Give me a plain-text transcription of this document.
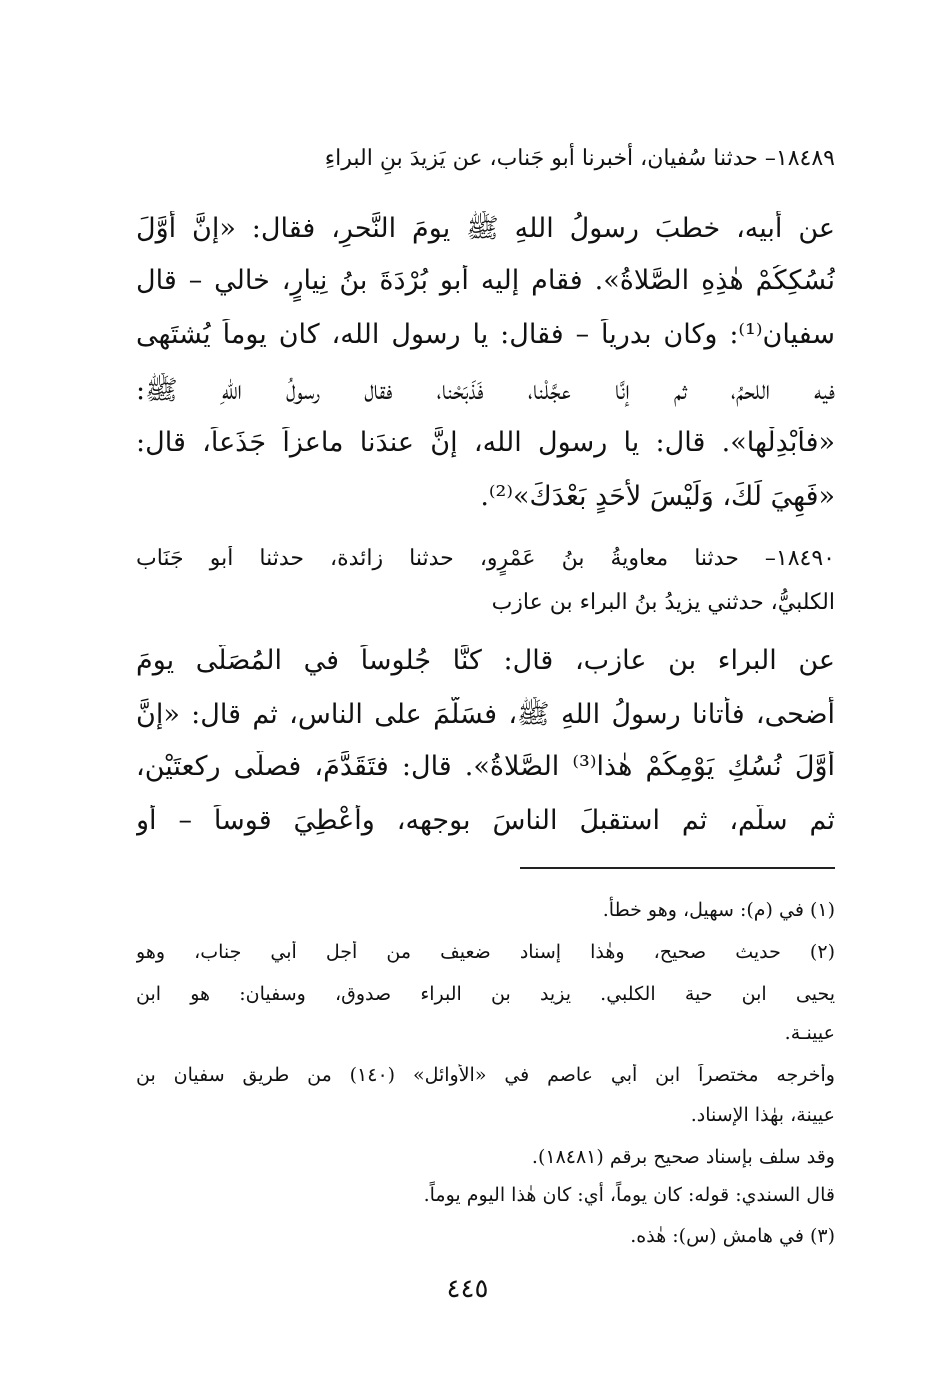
١٨٤٨٩– حدثنا سُفيان، أخبرنا أبو جَناب، عن يَزيدَ بنِ البراءِ
عن أبيه، خطبَ رسولُ اللهِ ﷺ يومَ النَّحرِ، فقال: «إنَّ أوَّلَ
نُسُكِكُمْ هٰذِهِ الصَّلاةُ». فقام إليه أبو بُرْدَةَ بنُ نِيارٍ، خالي – قال
سفيان⁽¹⁾: وكان بدرياً – فقال: يا رسول الله، كان يوماً يُشتَهى
فيه اللحمُ، ثم إنَّا عجَّلْنا، فَذَبَحْنا، فقال رسولُ اللهِ ﷺ:
«فأبْدِلْها». قال: يا رسول الله، إنَّ عندَنا ماعزاً جَذَعاً، قال:
«فَهِيَ لَكَ، وَلَيْسَ لأحَدٍ بَعْدَكَ»⁽²⁾.
١٨٤٩٠– حدثنا معاويةُ بنُ عَمْرٍو، حدثنا زائدة، حدثنا أبو جَنَاب
الكلبيُّ، حدثني يزيدُ بنُ البراء بن عازب
عن البراء بن عازب، قال: كنَّا جُلوساً في المُصَلَّى يومَ
أضحى، فأتانا رسولُ اللهِ ﷺ، فسَلَّمَ على الناس، ثم قال: «إنَّ
أوَّلَ نُسُكِ يَوْمِكُمْ هٰذا⁽³⁾ الصَّلاةُ». قال: فتَقَدَّمَ، فصلَّى ركعتَيْن،
ثم سلَّم، ثم استقبلَ الناسَ بوجهه، وأُعْطِيَ قوساً – أو
(١) في (م): سهيل، وهو خطأ.
(٢) حديث صحيح، وهٰذا إسناد ضعيف من أجل أبي جناب، وهو
يحيى ابن حية الكلبي. يزيد بن البراء صدوق، وسفيان: هو ابن
عيينـة.
وأخرجه مختصراً ابن أبي عاصم في «الأوائل» (١٤٠) من طريق سفيان بن
عيينة، بهٰذا الإسناد.
وقد سلف بإسناد صحيح برقم (١٨٤٨١).
قال السندي: قوله: كان يوماً، أي: كان هٰذا اليوم يوماً.
(٣) في هامش (س): هٰذه.
٤٤٥
